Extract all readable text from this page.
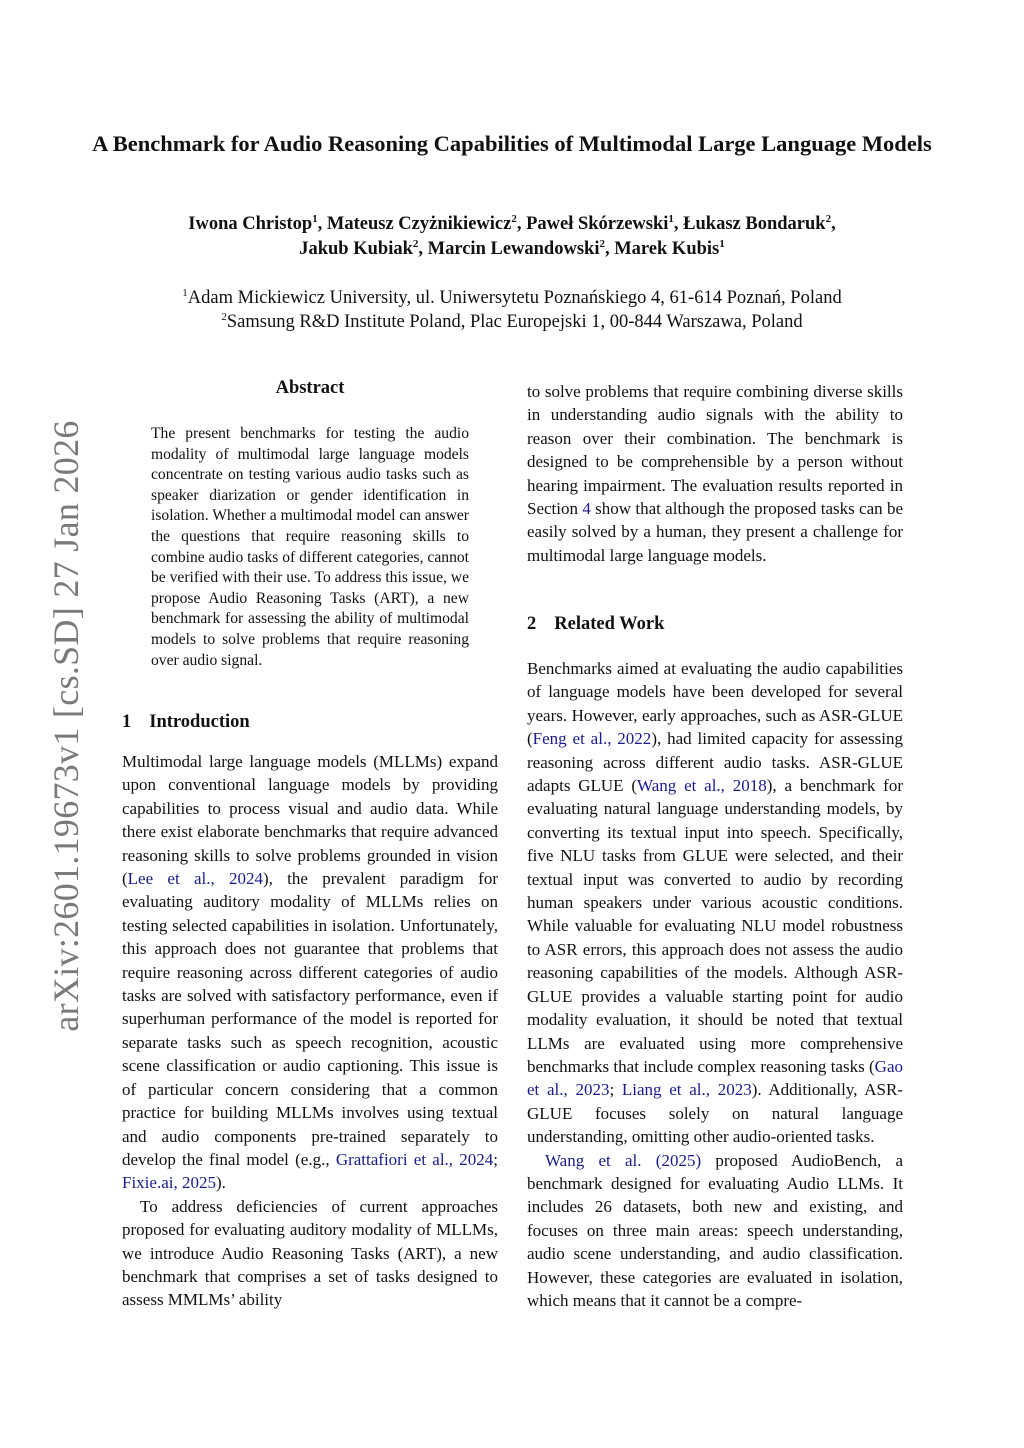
arXiv:2601.19673v1 [cs.SD] 27 Jan 2026
A Benchmark for Audio Reasoning Capabilities of Multimodal Large Language Models
Iwona Christop$^1$, Mateusz Czyżnikiewicz$^2$, Paweł Skórzewski$^1$, Łukasz Bondaruk$^2$,
Jakub Kubiak$^2$, Marcin Lewandowski$^2$, Marek Kubis$^1$
$^1$Adam Mickiewicz University, ul. Uniwersytetu Poznańskiego 4, 61-614 Poznań, Poland
$^2$Samsung R&D Institute Poland, Plac Europejski 1, 00-844 Warszawa, Poland
Abstract

The present benchmarks for testing the audio modality of multimodal large language models concentrate on testing various audio tasks such as speaker diarization or gender identification in isolation. Whether a multimodal model can answer the questions that require reasoning skills to combine audio tasks of different categories, cannot be verified with their use. To address this issue, we propose Audio Reasoning Tasks (ART), a new benchmark for assessing the ability of multimodal models to solve problems that require reasoning over audio signal.

1 Introduction

Multimodal large language models (MLLMs) expand upon conventional language models by providing capabilities to process visual and audio data. While there exist elaborate benchmarks that require advanced reasoning skills to solve problems grounded in vision (Lee et al., 2024), the prevalent paradigm for evaluating auditory modality of MLLMs relies on testing selected capabilities in isolation. Unfortunately, this approach does not guarantee that problems that require reasoning across different categories of audio tasks are solved with satisfactory performance, even if superhuman performance of the model is reported for separate tasks such as speech recognition, acoustic scene classification or audio captioning. This issue is of particular concern considering that a common practice for building MLLMs involves using textual and audio components pre-trained separately to develop the final model (e.g., Grattafiori et al., 2024; Fixie.ai, 2025).

To address deficiencies of current approaches proposed for evaluating auditory modality of MLLMs, we introduce Audio Reasoning Tasks (ART), a new benchmark that comprises a set of tasks designed to assess MMLMs’ ability

to solve problems that require combining diverse skills in understanding audio signals with the ability to reason over their combination. The benchmark is designed to be comprehensible by a person without hearing impairment. The evaluation results reported in Section 4 show that although the proposed tasks can be easily solved by a human, they present a challenge for multimodal large language models.

2 Related Work

Benchmarks aimed at evaluating the audio capabilities of language models have been developed for several years. However, early approaches, such as ASR-GLUE (Feng et al., 2022), had limited capacity for assessing reasoning across different audio tasks. ASR-GLUE adapts GLUE (Wang et al., 2018), a benchmark for evaluating natural language understanding models, by converting its textual input into speech. Specifically, five NLU tasks from GLUE were selected, and their textual input was converted to audio by recording human speakers under various acoustic conditions. While valuable for evaluating NLU model robustness to ASR errors, this approach does not assess the audio reasoning capabilities of the models. Although ASR-GLUE provides a valuable starting point for audio modality evaluation, it should be noted that textual LLMs are evaluated using more comprehensive benchmarks that include complex reasoning tasks (Gao et al., 2023; Liang et al., 2023). Additionally, ASR-GLUE focuses solely on natural language understanding, omitting other audio-oriented tasks.

Wang et al. (2025) proposed AudioBench, a benchmark designed for evaluating Audio LLMs. It includes 26 datasets, both new and existing, and focuses on three main areas: speech understanding, audio scene understanding, and audio classification. However, these categories are evaluated in isolation, which means that it cannot be a compre-
